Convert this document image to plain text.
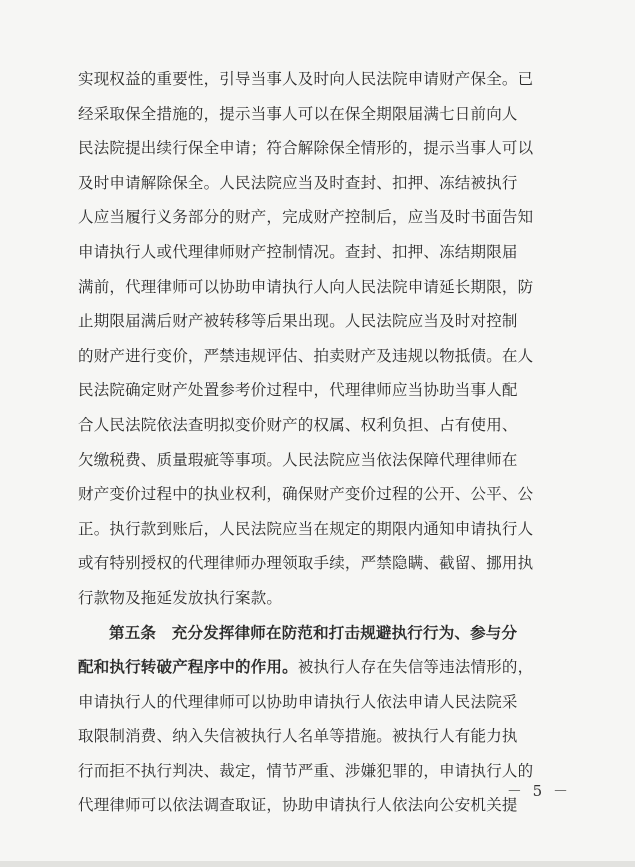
实现权益的重要性，引导当事人及时向人民法院申请财产保全。已
经采取保全措施的，提示当事人可以在保全期限届满七日前向人
民法院提出续行保全申请；符合解除保全情形的，提示当事人可以
及时申请解除保全。人民法院应当及时查封、扣押、冻结被执行
人应当履行义务部分的财产，完成财产控制后，应当及时书面告知
申请执行人或代理律师财产控制情况。查封、扣押、冻结期限届
满前，代理律师可以协助申请执行人向人民法院申请延长期限，防
止期限届满后财产被转移等后果出现。人民法院应当及时对控制
的财产进行变价，严禁违规评估、拍卖财产及违规以物抵债。在人
民法院确定财产处置参考价过程中，代理律师应当协助当事人配
合人民法院依法查明拟变价财产的权属、权利负担、占有使用、
欠缴税费、质量瑕疵等事项。人民法院应当依法保障代理律师在
财产变价过程中的执业权利，确保财产变价过程的公开、公平、公
正。执行款到账后，人民法院应当在规定的期限内通知申请执行人
或有特别授权的代理律师办理领取手续，严禁隐瞒、截留、挪用执
行款物及拖延发放执行案款。
第五条　充分发挥律师在防范和打击规避执行行为、参与分
配和执行转破产程序中的作用。被执行人存在失信等违法情形的，
申请执行人的代理律师可以协助申请执行人依法申请人民法院采
取限制消费、纳入失信被执行人名单等措施。被执行人有能力执
行而拒不执行判决、裁定，情节严重、涉嫌犯罪的，申请执行人的
代理律师可以依法调查取证，协助申请执行人依法向公安机关提
－ 5 －
